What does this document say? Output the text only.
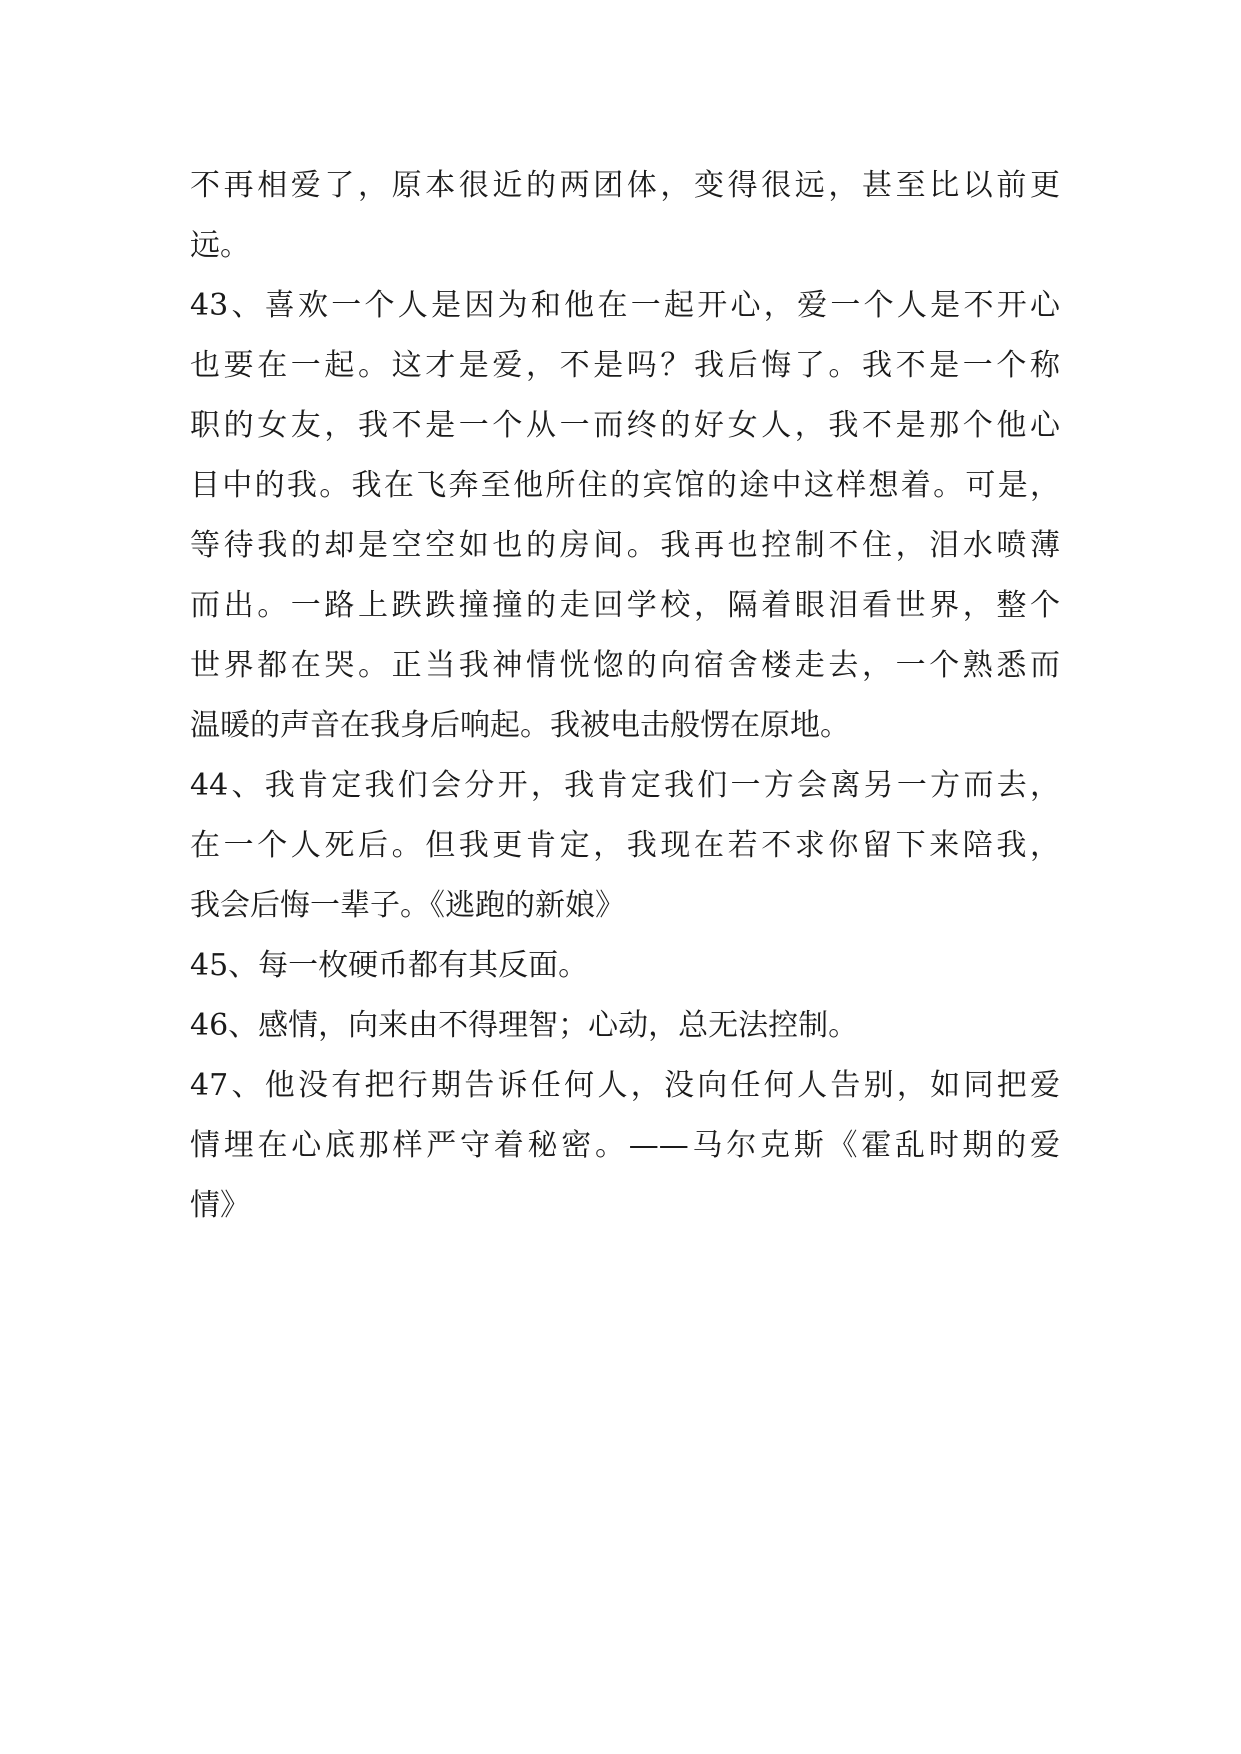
不再相爱了，原本很近的两团体，变得很远，甚至比以前更
远。
43、喜欢一个人是因为和他在一起开心，爱一个人是不开心
也要在一起。这才是爱，不是吗？我后悔了。我不是一个称
职的女友，我不是一个从一而终的好女人，我不是那个他心
目中的我。我在飞奔至他所住的宾馆的途中这样想着。可是，
等待我的却是空空如也的房间。我再也控制不住，泪水喷薄
而出。一路上跌跌撞撞的走回学校，隔着眼泪看世界，整个
世界都在哭。正当我神情恍惚的向宿舍楼走去，一个熟悉而
温暖的声音在我身后响起。我被电击般愣在原地。
44、我肯定我们会分开，我肯定我们一方会离另一方而去，
在一个人死后。但我更肯定，我现在若不求你留下来陪我，
我会后悔一辈子。《逃跑的新娘》
45、每一枚硬币都有其反面。
46、感情，向来由不得理智；心动，总无法控制。
47、他没有把行期告诉任何人，没向任何人告别，如同把爱
情埋在心底那样严守着秘密。——马尔克斯《霍乱时期的爱
情》
